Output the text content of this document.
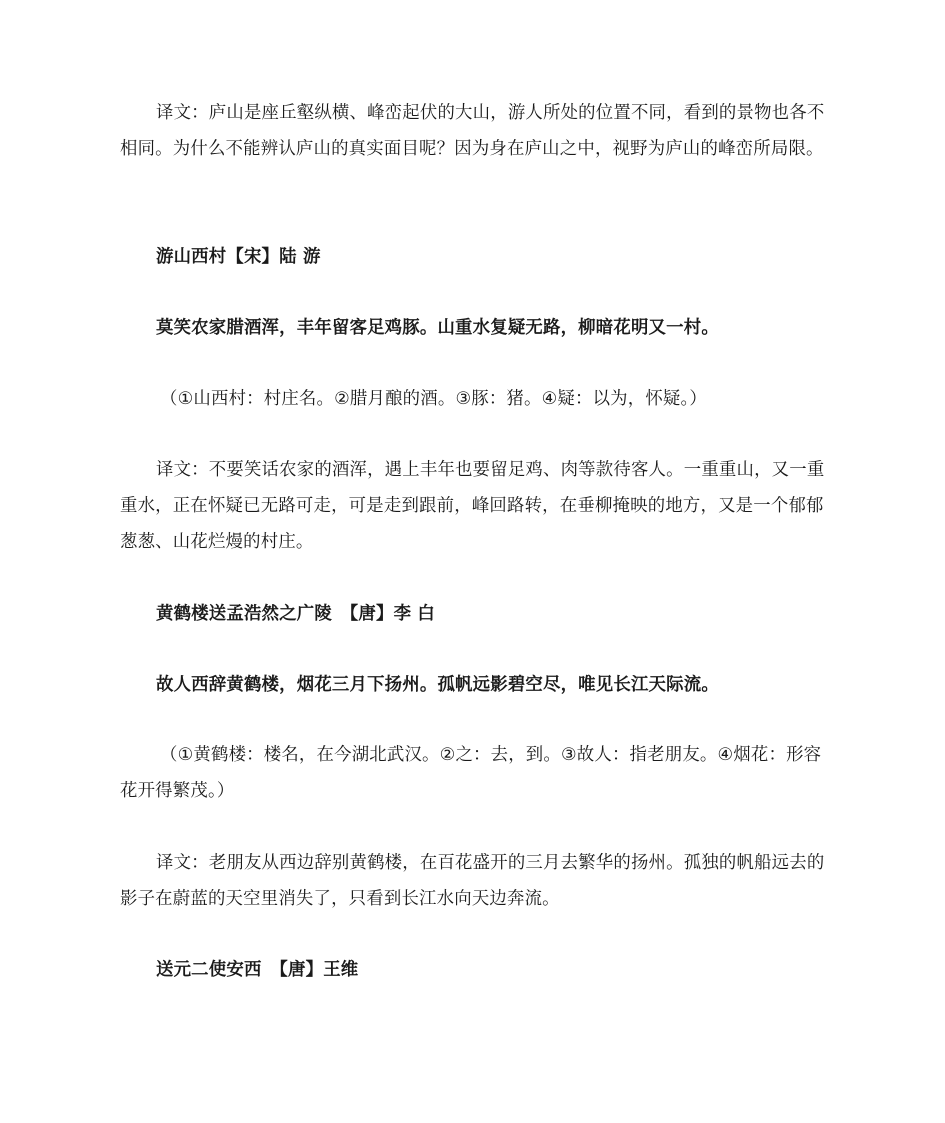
译文：庐山是座丘壑纵横、峰峦起伏的大山，游人所处的位置不同，看到的景物也各不相同。为什么不能辨认庐山的真实面目呢？因为身在庐山之中，视野为庐山的峰峦所局限。

游山西村【宋】陆 游

莫笑农家腊酒浑，丰年留客足鸡豚。山重水复疑无路，柳暗花明又一村。

（①山西村：村庄名。②腊月酿的酒。③豚：猪。④疑：以为，怀疑。）

译文：不要笑话农家的酒浑，遇上丰年也要留足鸡、肉等款待客人。一重重山，又一重重水，正在怀疑已无路可走，可是走到跟前，峰回路转，在垂柳掩映的地方，又是一个郁郁葱葱、山花烂熳的村庄。

黄鹤楼送孟浩然之广陵　【唐】李 白

故人西辞黄鹤楼，烟花三月下扬州。孤帆远影碧空尽，唯见长江天际流。

（①黄鹤楼：楼名，在今湖北武汉。②之：去，到。③故人：指老朋友。④烟花：形容花开得繁茂。）

译文：老朋友从西边辞别黄鹤楼，在百花盛开的三月去繁华的扬州。孤独的帆船远去的影子在蔚蓝的天空里消失了，只看到长江水向天边奔流。

送元二使安西　【唐】王维
